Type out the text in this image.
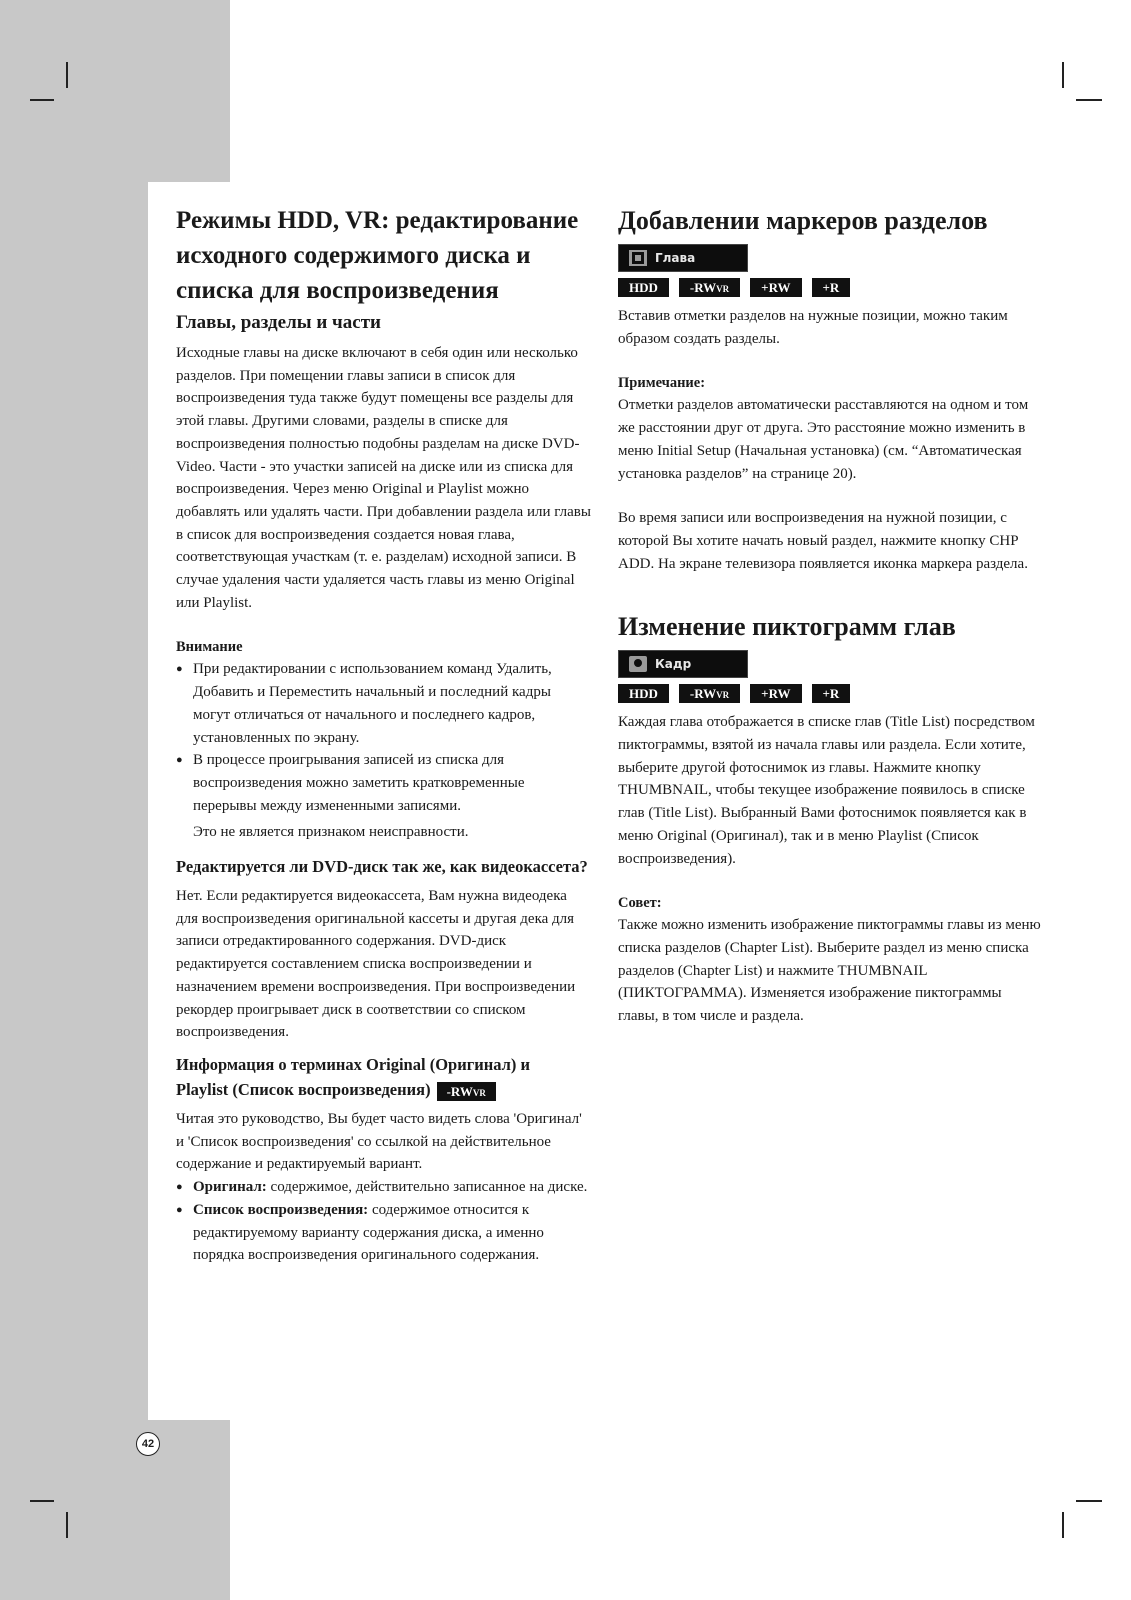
Режимы HDD, VR: редактирование исходного содержимого диска и списка для воспроизведения
Главы, разделы и части

Исходные главы на диске включают в себя один или несколько разделов. При помещении главы записи в список для воспроизведения туда также будут помещены все разделы для этой главы. Другими словами, разделы в списке для воспроизведения полностью подобны разделам на диске DVD-Video. Части - это участки записей на диске или из списка для воспроизведения. Через меню Original и Playlist можно добавлять или удалять части. При добавлении раздела или главы в список для воспроизведения создается новая глава, соответствующая участкам (т. е. разделам) исходной записи. В случае удаления части удаляется часть главы из меню Original или Playlist.

Внимание
● При редактировании с использованием команд Удалить, Добавить и Переместить начальный и последний кадры могут отличаться от начального и последнего кадров, установленных по экрану.
● В процессе проигрывания записей из списка для воспроизведения можно заметить кратковременные перерывы между измененными записями.

Это не является признаком неисправности.

Редактируется ли DVD-диск так же, как видеокассета?

Нет. Если редактируется видеокассета, Вам нужна видеодека для воспроизведения оригинальной кассеты и другая дека для записи отредактированного содержания. DVD-диск редактируется составлением списка воспроизведении и назначением времени воспроизведения. При воспроизведении рекордер проигрывает диск в соответствии со списком воспроизведения.

Информация о терминах Original (Оригинал) и
Playlist (Список воспроизведения) -RWVR

Читая это руководство, Вы будет часто видеть слова 'Оригинал' и 'Список воспроизведения' со ссылкой на действительное содержание и редактируемый вариант.

● Оригинал: содержимое, действительно записанное на диске.
● Список воспроизведения: содержимое относится к редактируемому варианту содержания диска, а именно порядка воспроизведения оригинального содержания.
Добавлении маркеров разделов
Глава
HDD	-RWVR	+RW	+R

Вставив отметки разделов на нужные позиции, можно таким образом создать разделы.

Примечание:

Отметки разделов автоматически расставляются на одном и том же расстоянии друг от друга. Это расстояние можно изменить в меню Initial Setup (Начальная установка) (см. “Автоматическая установка разделов” на странице 20).

Во время записи или воспроизведения на нужной позиции, с которой Вы хотите начать новый раздел, нажмите кнопку CHP ADD. На экране телевизора появляется иконка маркера раздела.

Изменение пиктограмм глав
Кадр
HDD	-RWVR	+RW	+R

Каждая глава отображается в списке глав (Title List) посредством пиктограммы, взятой из начала главы или раздела. Если хотите, выберите другой фотоснимок из главы. Нажмите кнопку THUMBNAIL, чтобы текущее изображение появилось в списке глав (Title List). Выбранный Вами фотоснимок появляется как в меню Original (Оригинал), так и в меню Playlist (Список воспроизведения).

Совет:

Также можно изменить изображение пиктограммы главы из меню списка разделов (Chapter List). Выберите раздел из меню списка разделов (Chapter List) и нажмите THUMBNAIL (ПИКТОГРАММА). Изменяется изображение пиктограммы главы, в том числе и раздела.

42
